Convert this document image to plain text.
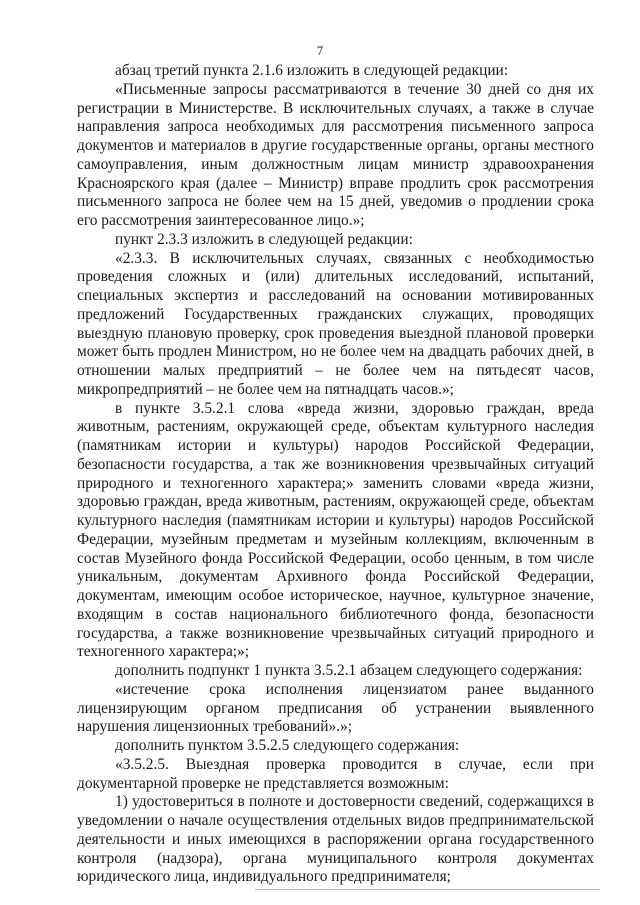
7

абзац третий пункта 2.1.6 изложить в следующей редакции:

«Письменные запросы рассматриваются в течение 30 дней со дня их регистрации в Министерстве. В исключительных случаях, а также в случае направления запроса необходимых для рассмотрения письменного запроса документов и материалов в другие государственные органы, органы местного самоуправления, иным должностным лицам министр здравоохранения Красноярского края (далее – Министр) вправе продлить срок рассмотрения письменного запроса не более чем на 15 дней, уведомив о продлении срока его рассмотрения заинтересованное лицо.»;

пункт 2.3.3 изложить в следующей редакции:

«2.3.3. В исключительных случаях, связанных с необходимостью проведения сложных и (или) длительных исследований, испытаний, специальных экспертиз и расследований на основании мотивированных предложений Государственных гражданских служащих, проводящих выездную плановую проверку, срок проведения выездной плановой проверки может быть продлен Министром, но не более чем на двадцать рабочих дней, в отношении малых предприятий – не более чем на пятьдесят часов, микропредприятий – не более чем на пятнадцать часов.»;

в пункте 3.5.2.1 слова «вреда жизни, здоровью граждан, вреда животным, растениям, окружающей среде, объектам культурного наследия (памятникам истории и культуры) народов Российской Федерации, безопасности государства, а так же возникновения чрезвычайных ситуаций природного и техногенного характера;» заменить словами «вреда жизни, здоровью граждан, вреда животным, растениям, окружающей среде, объектам культурного наследия (памятникам истории и культуры) народов Российской Федерации, музейным предметам и музейным коллекциям, включенным в состав Музейного фонда Российской Федерации, особо ценным, в том числе уникальным, документам Архивного фонда Российской Федерации, документам, имеющим особое историческое, научное, культурное значение, входящим в состав национального библиотечного фонда, безопасности государства, а также возникновение чрезвычайных ситуаций природного и техногенного характера;»;

дополнить подпункт 1 пункта 3.5.2.1 абзацем следующего содержания:

«истечение срока исполнения лицензиатом ранее выданного лицензирующим органом предписания об устранении выявленного нарушения лицензионных требований».»;

дополнить пунктом 3.5.2.5 следующего содержания:

«3.5.2.5. Выездная проверка проводится в случае, если при документарной проверке не представляется возможным:

1) удостовериться в полноте и достоверности сведений, содержащихся в уведомлении о начале осуществления отдельных видов предпринимательской деятельности и иных имеющихся в распоряжении органа государственного контроля (надзора), органа муниципального контроля документах юридического лица, индивидуального предпринимателя;
